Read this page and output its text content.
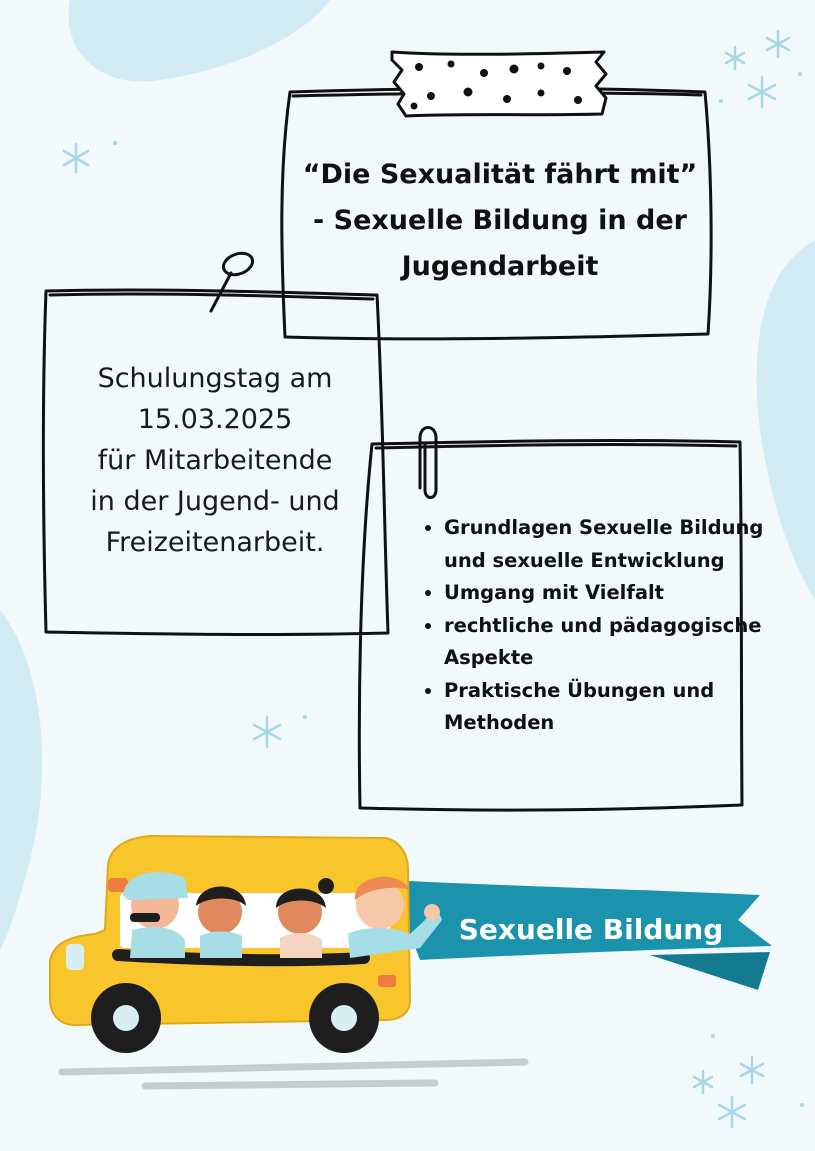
“Die Sexualität fährt mit”
- Sexuelle Bildung in der
Jugendarbeit
Schulungstag am
15.03.2025
für Mitarbeitende
in der Jugend- und
Freizeitenarbeit.
•	Grundlagen Sexuelle Bildung und sexuelle Entwicklung
• Umgang mit Vielfalt
• rechtliche und pädagogische Aspekte
• Praktische Übungen und Methoden
Sexuelle Bildung
